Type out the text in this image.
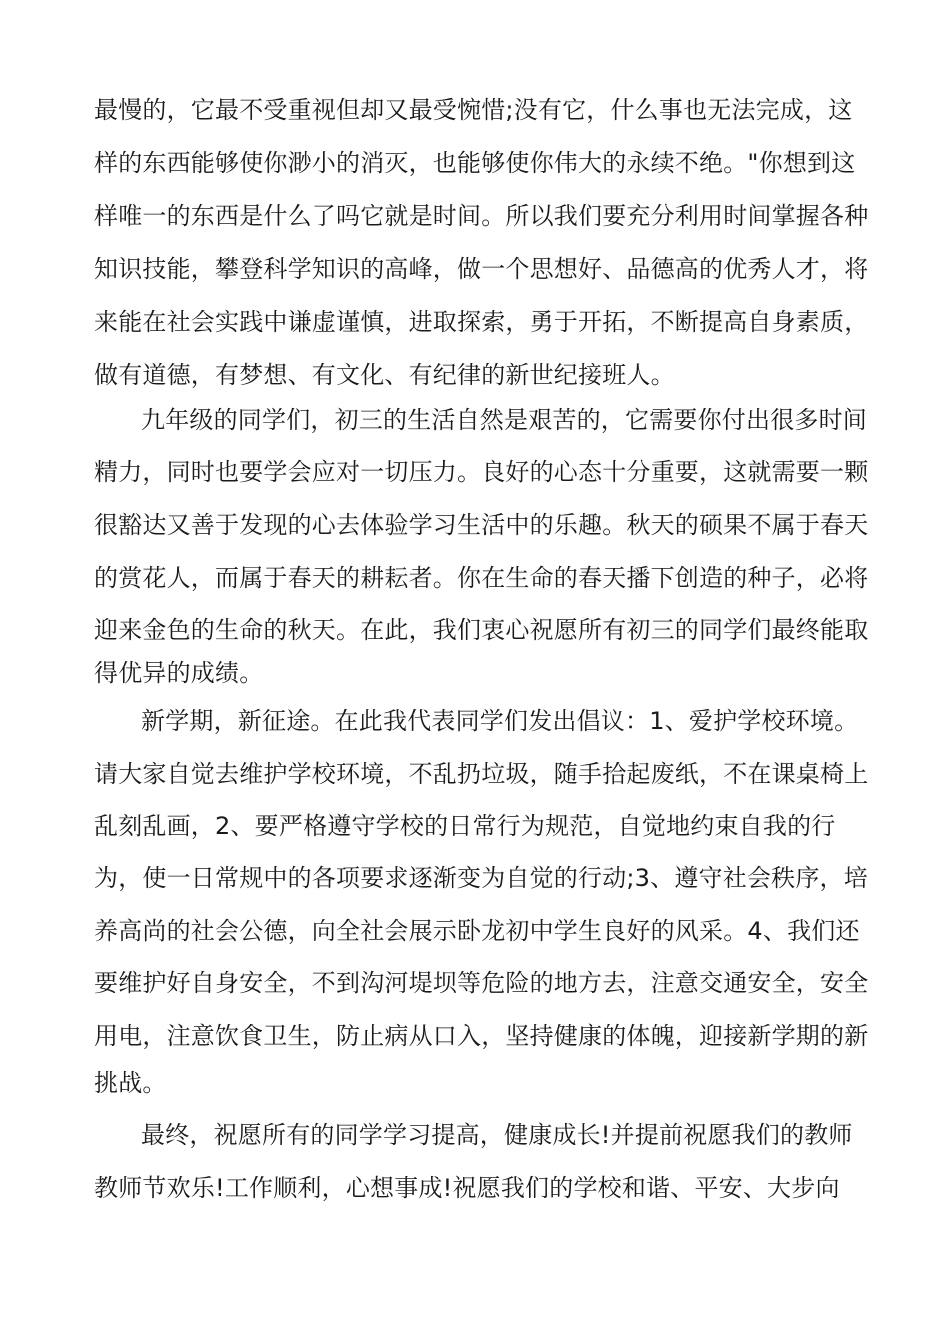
最慢的，它最不受重视但却又最受惋惜;没有它，什么事也无法完成，这
样的东西能够使你渺小的消灭，也能够使你伟大的永续不绝。"你想到这
样唯一的东西是什么了吗它就是时间。所以我们要充分利用时间掌握各种
知识技能，攀登科学知识的高峰，做一个思想好、品德高的优秀人才，将
来能在社会实践中谦虚谨慎，进取探索，勇于开拓，不断提高自身素质，
做有道德，有梦想、有文化、有纪律的新世纪接班人。
九年级的同学们，初三的生活自然是艰苦的，它需要你付出很多时间
精力，同时也要学会应对一切压力。良好的心态十分重要，这就需要一颗
很豁达又善于发现的心去体验学习生活中的乐趣。秋天的硕果不属于春天
的赏花人，而属于春天的耕耘者。你在生命的春天播下创造的种子，必将
迎来金色的生命的秋天。在此，我们衷心祝愿所有初三的同学们最终能取
得优异的成绩。
新学期，新征途。在此我代表同学们发出倡议：1、爱护学校环境。
请大家自觉去维护学校环境，不乱扔垃圾，随手拾起废纸，不在课桌椅上
乱刻乱画，2、要严格遵守学校的日常行为规范，自觉地约束自我的行
为，使一日常规中的各项要求逐渐变为自觉的行动;3、遵守社会秩序，培
养高尚的社会公德，向全社会展示卧龙初中学生良好的风采。4、我们还
要维护好自身安全，不到沟河堤坝等危险的地方去，注意交通安全，安全
用电，注意饮食卫生，防止病从口入，坚持健康的体魄，迎接新学期的新
挑战。
最终，祝愿所有的同学学习提高，健康成长!并提前祝愿我们的教师
教师节欢乐!工作顺利，心想事成!祝愿我们的学校和谐、平安、大步向
